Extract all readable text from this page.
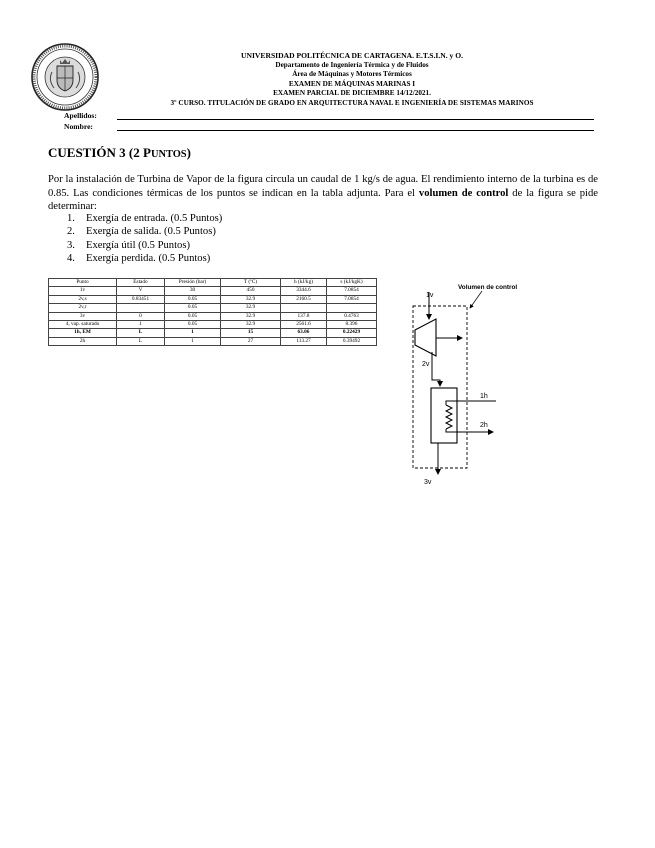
UNIVERSIDAD POLITÉCNICA DE CARTAGENA. E.T.S.I.N. y O.
Departamento de Ingeniería Térmica y de Fluidos
Área de Máquinas y Motores Térmicos
EXAMEN DE MÁQUINAS MARINAS I
EXAMEN PARCIAL DE DICIEMBRE 14/12/2021.
3º CURSO. TITULACIÓN DE GRADO EN ARQUITECTURA NAVAL E INGENIERÍA DE SISTEMAS MARINOS
Apellidos:
Nombre:
CUESTIÓN 3 (2 PUNTOS)
Por la instalación de Turbina de Vapor de la figura circula un caudal de 1 kg/s de agua. El rendimiento interno de la turbina es de 0.85. Las condiciones térmicas de los puntos se indican en la tabla adjunta. Para el volumen de control de la figura se pide determinar:
1. Exergía de entrada. (0.5 Puntos)
2. Exergía de salida. (0.5 Puntos)
3. Exergía útil (0.5 Puntos)
4. Exergía perdida. (0.5 Puntos)
Punto	Estado	Presión (bar)	T (ºC)	h (kJ/kg)	s (kJ/kgK)
1v	V	30	450	3344.6	7.0854
2v,s	0.83451	0.05	32.9	2160.5	7.0854
2v,r		0.05	32.9		
3v	0	0.05	32.9	137.8	0.4763
4, vap. saturado	1	0.05	32.9	2561.6	8.396
1h, EM	L	1	15	63.06	0.22429
2h	L	1	27	113.27	0.39492
Volumen de control
1v
2v
1h
2h
3v
